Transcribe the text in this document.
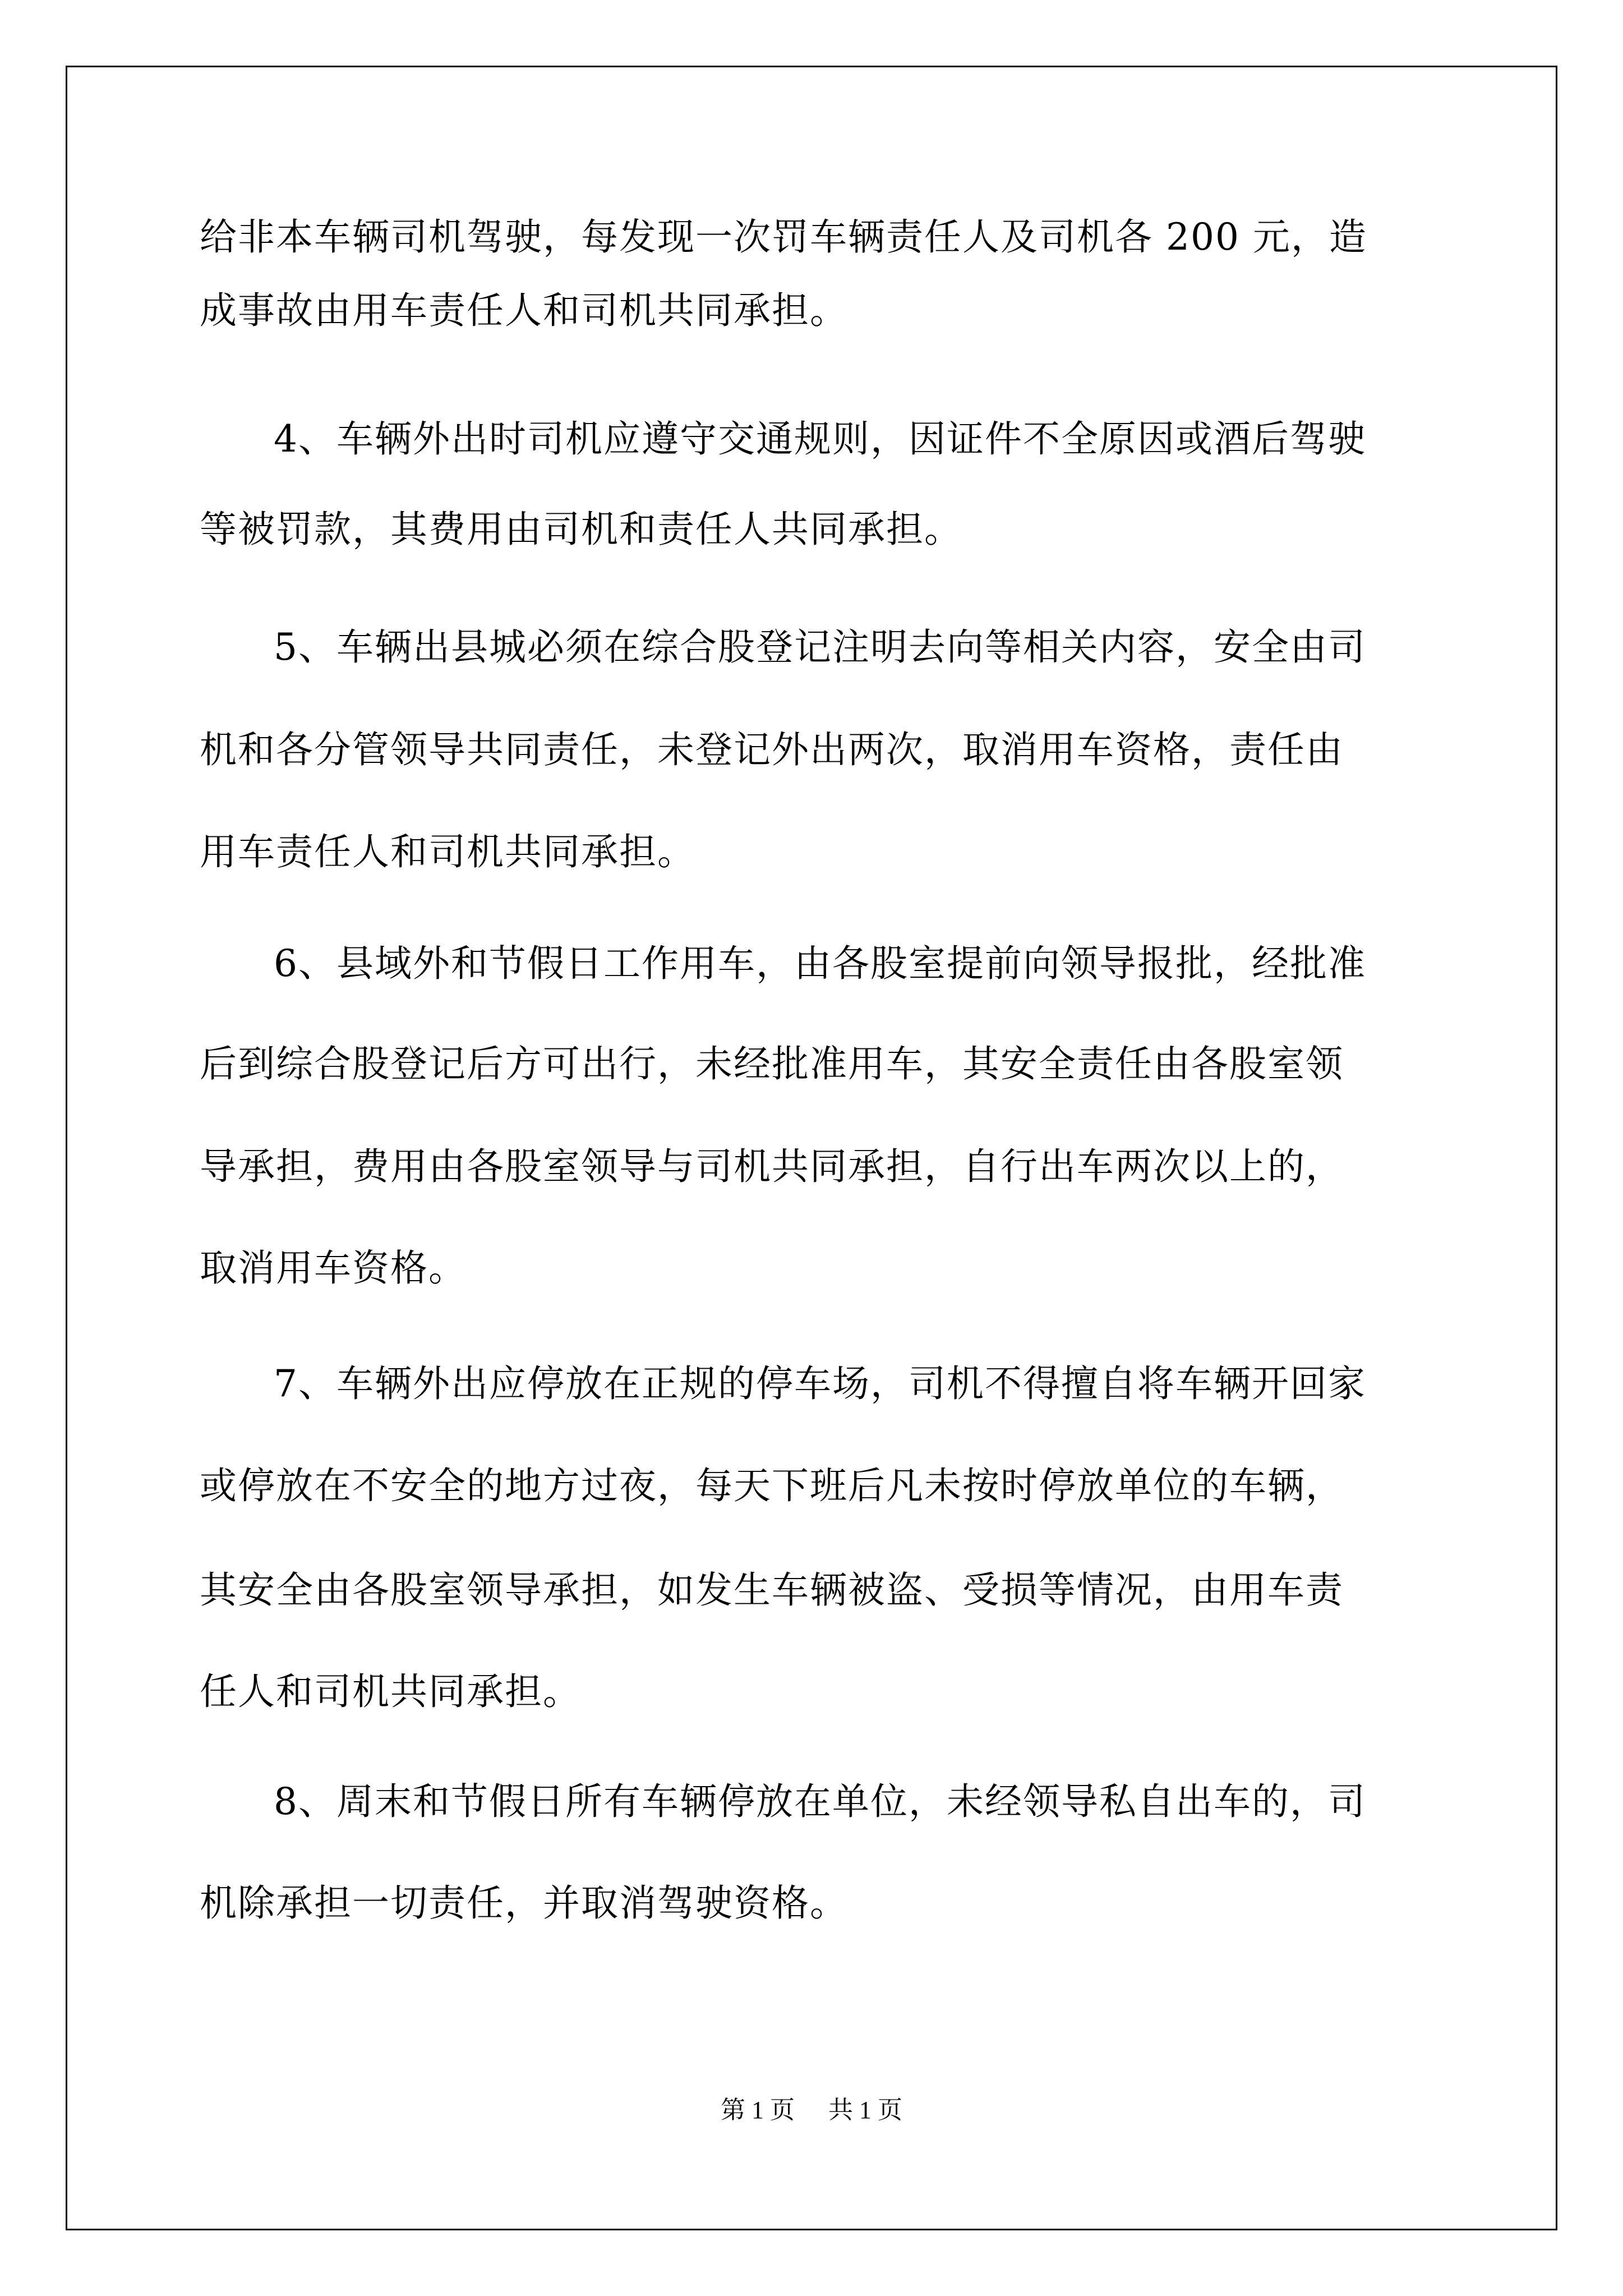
给非本车辆司机驾驶，每发现一次罚车辆责任人及司机各 200 元，造
成事故由用车责任人和司机共同承担。
4、车辆外出时司机应遵守交通规则，因证件不全原因或酒后驾驶
等被罚款，其费用由司机和责任人共同承担。
5、车辆出县城必须在综合股登记注明去向等相关内容，安全由司
机和各分管领导共同责任，未登记外出两次，取消用车资格，责任由
用车责任人和司机共同承担。
6、县域外和节假日工作用车，由各股室提前向领导报批，经批准
后到综合股登记后方可出行，未经批准用车，其安全责任由各股室领
导承担，费用由各股室领导与司机共同承担，自行出车两次以上的，
取消用车资格。
7、车辆外出应停放在正规的停车场，司机不得擅自将车辆开回家
或停放在不安全的地方过夜，每天下班后凡未按时停放单位的车辆，
其安全由各股室领导承担，如发生车辆被盗、受损等情况，由用车责
任人和司机共同承担。
8、周末和节假日所有车辆停放在单位，未经领导私自出车的，司
机除承担一切责任，并取消驾驶资格。
第 1 页 共 1 页
